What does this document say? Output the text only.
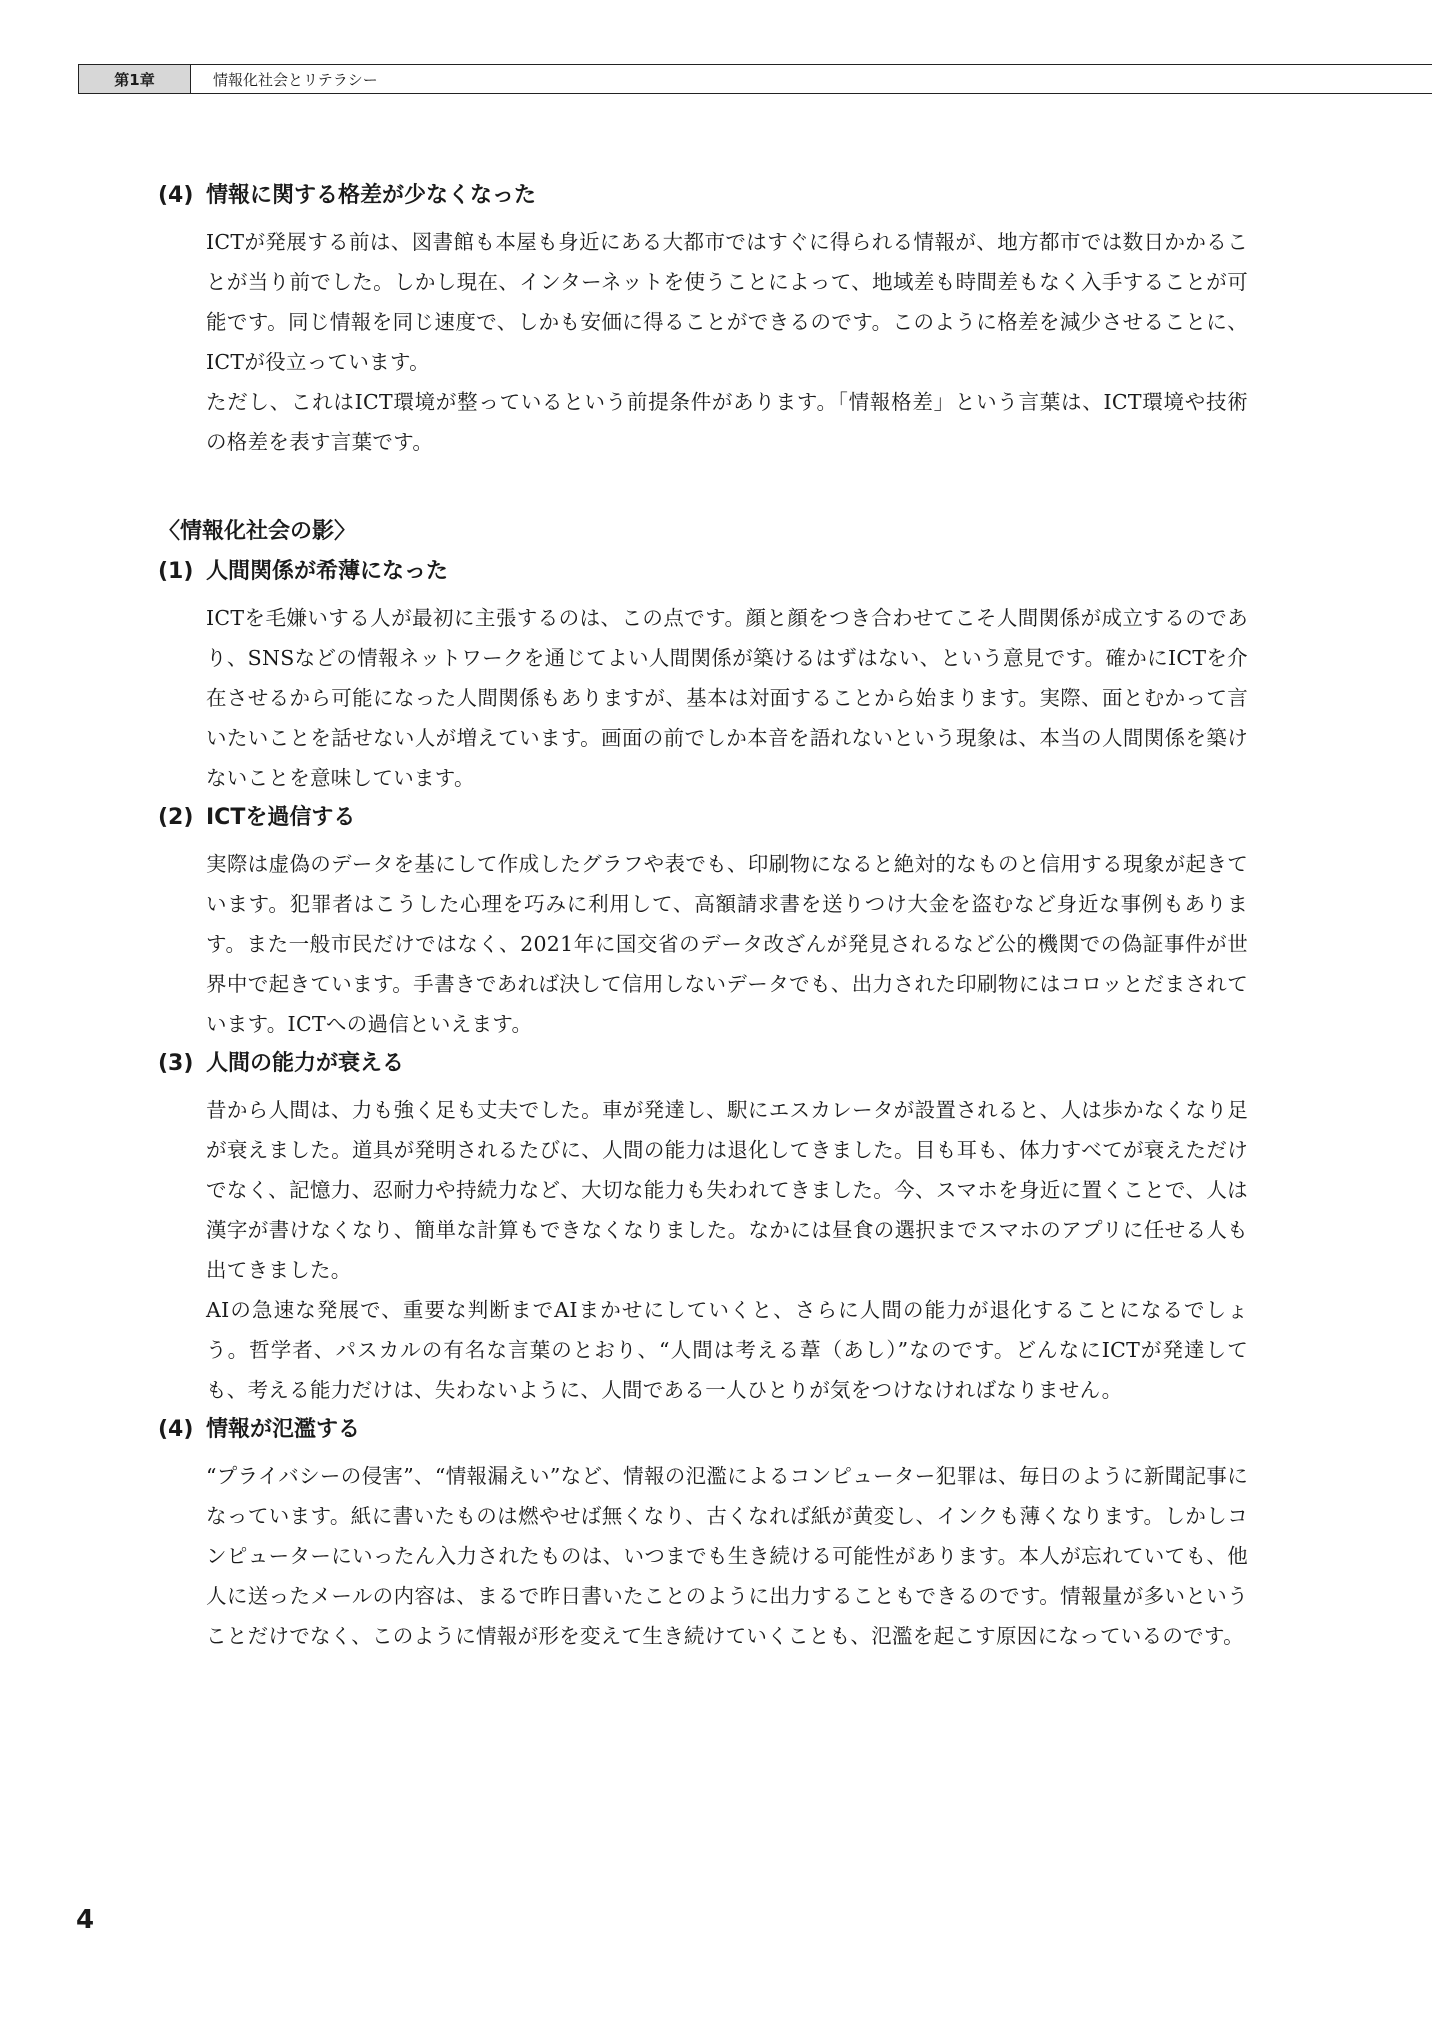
第1章	情報化社会とリテラシー
(4) 情報に関する格差が少なくなった

ICTが発展する前は、図書館も本屋も身近にある大都市ではすぐに得られる情報が、地方都市では数日かかることが当り前でした。しかし現在、インターネットを使うことによって、地域差も時間差もなく入手することが可能です。同じ情報を同じ速度で、しかも安価に得ることができるのです。このように格差を減少させることに、ICTが役立っています。

ただし、これはICT環境が整っているという前提条件があります。「情報格差」という言葉は、ICT環境や技術の格差を表す言葉です。

〈情報化社会の影〉
(1) 人間関係が希薄になった

ICTを毛嫌いする人が最初に主張するのは、この点です。顔と顔をつき合わせてこそ人間関係が成立するのであり、SNSなどの情報ネットワークを通じてよい人間関係が築けるはずはない、という意見です。確かにICTを介在させるから可能になった人間関係もありますが、基本は対面することから始まります。実際、面とむかって言いたいことを話せない人が増えています。画面の前でしか本音を語れないという現象は、本当の人間関係を築けないことを意味しています。

(2) ICTを過信する

実際は虚偽のデータを基にして作成したグラフや表でも、印刷物になると絶対的なものと信用する現象が起きています。犯罪者はこうした心理を巧みに利用して、高額請求書を送りつけ大金を盗むなど身近な事例もあります。また一般市民だけではなく、2021年に国交省のデータ改ざんが発見されるなど公的機関での偽証事件が世界中で起きています。手書きであれば決して信用しないデータでも、出力された印刷物にはコロッとだまされています。ICTへの過信といえます。

(3) 人間の能力が衰える

昔から人間は、力も強く足も丈夫でした。車が発達し、駅にエスカレータが設置されると、人は歩かなくなり足が衰えました。道具が発明されるたびに、人間の能力は退化してきました。目も耳も、体力すべてが衰えただけでなく、記憶力、忍耐力や持続力など、大切な能力も失われてきました。今、スマホを身近に置くことで、人は漢字が書けなくなり、簡単な計算もできなくなりました。なかには昼食の選択までスマホのアプリに任せる人も出てきました。

AIの急速な発展で、重要な判断までAIまかせにしていくと、さらに人間の能力が退化することになるでしょう。哲学者、パスカルの有名な言葉のとおり、“人間は考える葦（あし）”なのです。どんなにICTが発達しても、考える能力だけは、失わないように、人間である一人ひとりが気をつけなければなりません。

(4) 情報が氾濫する

“プライバシーの侵害”、“情報漏えい”など、情報の氾濫によるコンピューター犯罪は、毎日のように新聞記事になっています。紙に書いたものは燃やせば無くなり、古くなれば紙が黄変し、インクも薄くなります。しかしコンピューターにいったん入力されたものは、いつまでも生き続ける可能性があります。本人が忘れていても、他人に送ったメールの内容は、まるで昨日書いたことのように出力することもできるのです。情報量が多いということだけでなく、このように情報が形を変えて生き続けていくことも、氾濫を起こす原因になっているのです。

4
